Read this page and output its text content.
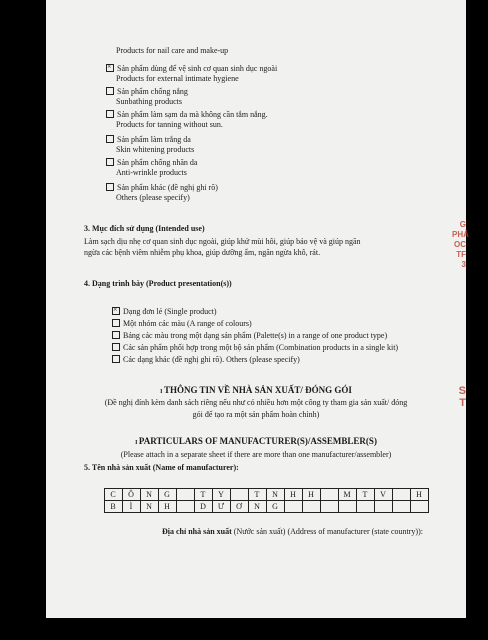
Products for nail care and make-up
×Sản phẩm dùng để vệ sinh cơ quan sinh dục ngoài
Products for external intimate hygiene
Sản phẩm chống nắng
Sunbathing products
Sản phẩm làm sạm da mà không cần tắm nắng.
Products for tanning without sun.
Sản phẩm làm trắng da
Skin whitening products
Sản phẩm chống nhăn da
Anti-wrinkle products
Sản phẩm khác (đề nghị ghi rõ)
Others (please specify)
3. Mục đích sử dụng (Intended use)
Làm sạch dịu nhẹ cơ quan sinh dục ngoài, giúp khử mùi hôi, giúp bảo vệ và giúp ngăn
ngừa các bệnh viêm nhiễm phụ khoa, giúp dưỡng ẩm, ngăn ngừa khô, rát.
4. Dạng trình bày (Product presentation(s))
×Dạng đơn lẻ (Single product)
Một nhóm các màu (A range of colours)
Bảng các màu trong một dạng sản phẩm (Palette(s) in a range of one product type)
Các sản phẩm phối hợp trong một bộ sản phẩm (Combination products in a single kit)
Các dạng khác (đề nghị ghi rõ). Others (please specify)
I THÔNG TIN VỀ NHÀ SẢN XUẤT/ ĐÓNG GÓI
(Đề nghị đính kèm danh sách riêng nếu như có nhiều hơn một công ty tham gia sản xuất/ đóng
gói để tạo ra một sản phẩm hoàn chỉnh)
I PARTICULARS OF MANUFACTURER(S)/ASSEMBLER(S)
(Please attach in a separate sheet if there are more than one manufacturer/assembler)
5. Tên nhà sản xuất (Name of manufacturer):
C	Ô	N	G		T	Y		T	N	H	H		M	T	V		H
B	Ì	N	H		D	Ư	Ơ	N	G								
Địa chỉ nhà sản xuất (Nước sản xuất) (Address of manufacturer (state country)):
G
PHẢ
OC
TF
3
S
T
